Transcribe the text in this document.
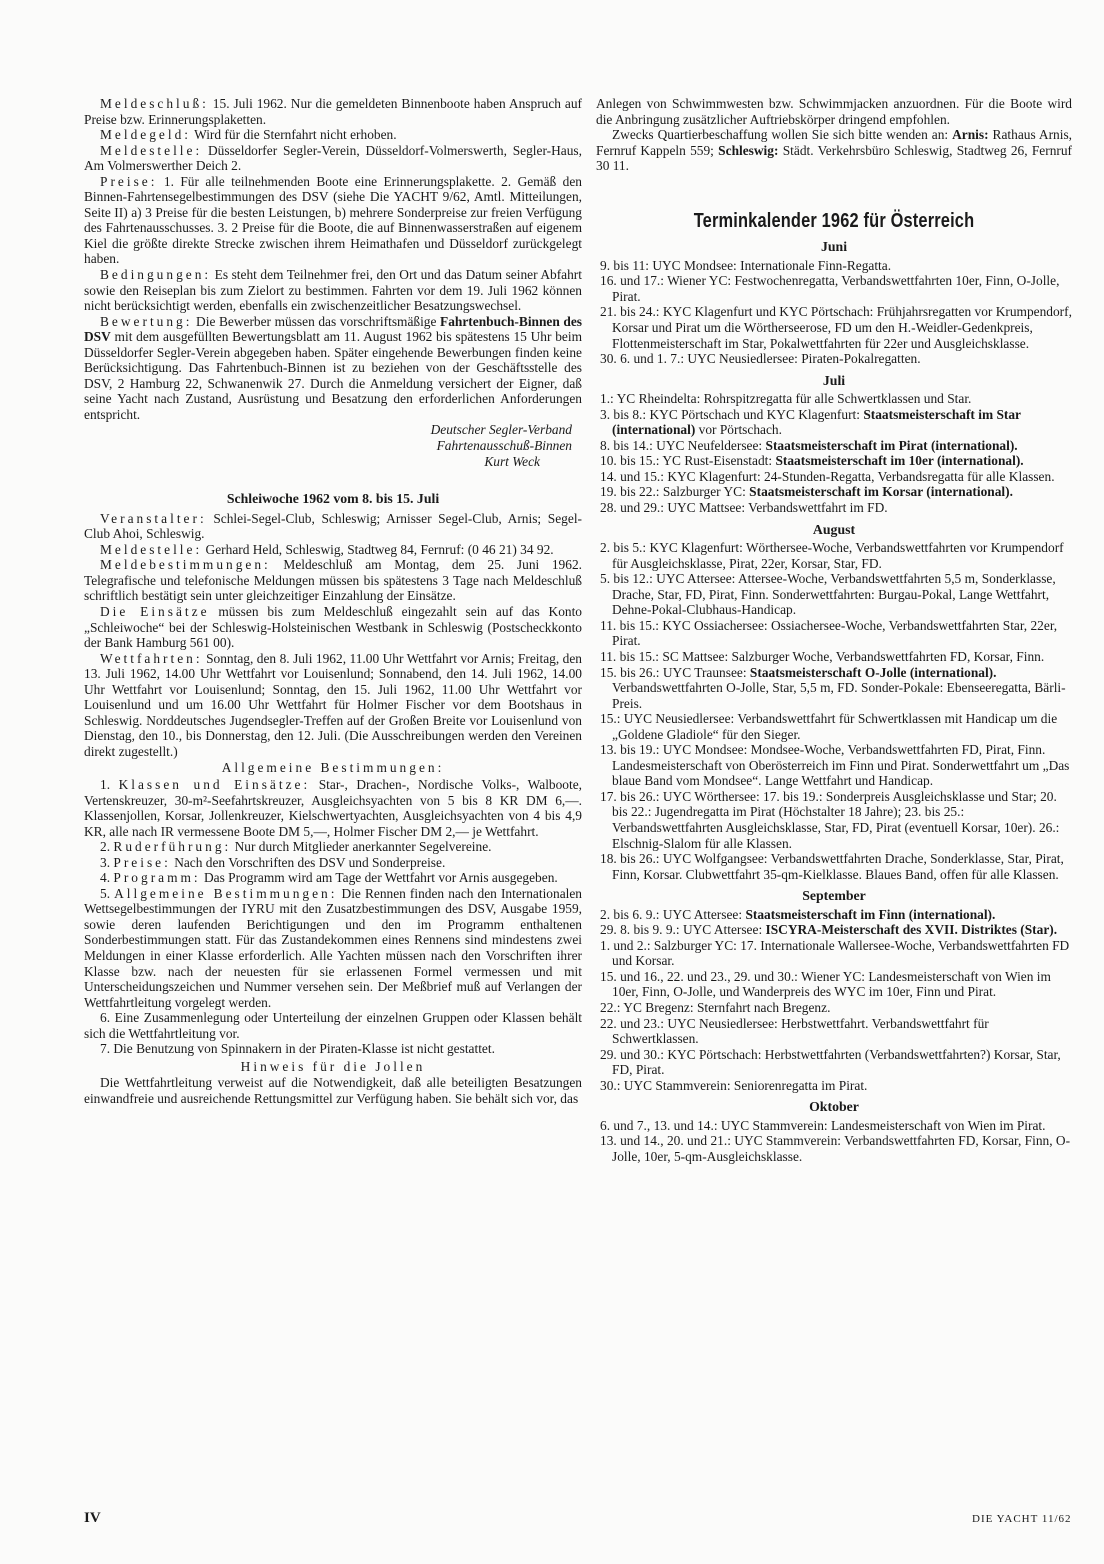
Meldeschluß: 15. Juli 1962. Nur die gemeldeten Binnenboote haben Anspruch auf Preise bzw. Erinnerungsplaketten.

Meldegeld: Wird für die Sternfahrt nicht erhoben.

Meldestelle: Düsseldorfer Segler-Verein, Düsseldorf-Volmerswerth, Segler-Haus, Am Volmerswerther Deich 2.

Preise: 1. Für alle teilnehmenden Boote eine Erinnerungsplakette. 2. Gemäß den Binnen-Fahrtensegelbestimmungen des DSV (siehe Die YACHT 9/62, Amtl. Mitteilungen, Seite II) a) 3 Preise für die besten Leistungen, b) mehrere Sonderpreise zur freien Verfügung des Fahrtenausschusses. 3. 2 Preise für die Boote, die auf Binnenwasserstraßen auf eigenem Kiel die größte direkte Strecke zwischen ihrem Heimathafen und Düsseldorf zurückgelegt haben.

Bedingungen: Es steht dem Teilnehmer frei, den Ort und das Datum seiner Abfahrt sowie den Reiseplan bis zum Zielort zu bestimmen. Fahrten vor dem 19. Juli 1962 können nicht berücksichtigt werden, ebenfalls ein zwischenzeitlicher Besatzungswechsel.

Bewertung: Die Bewerber müssen das vorschriftsmäßige Fahrtenbuch-Binnen des DSV mit dem ausgefüllten Bewertungsblatt am 11. August 1962 bis spätestens 15 Uhr beim Düsseldorfer Segler-Verein abgegeben haben. Später eingehende Bewerbungen finden keine Berücksichtigung. Das Fahrtenbuch-Binnen ist zu beziehen von der Geschäftsstelle des DSV, 2 Hamburg 22, Schwanenwik 27. Durch die Anmeldung versichert der Eigner, daß seine Yacht nach Zustand, Ausrüstung und Besatzung den erforderlichen Anforderungen entspricht.

Deutscher Segler-Verband
Fahrtenausschuß-Binnen
Kurt Weck
Schleiwoche 1962 vom 8. bis 15. Juli

Veranstalter: Schlei-Segel-Club, Schleswig; Arnisser Segel-Club, Arnis; Segel-Club Ahoi, Schleswig.

Meldestelle: Gerhard Held, Schleswig, Stadtweg 84, Fernruf: (0 46 21) 34 92.

Meldebestimmungen: Meldeschluß am Montag, dem 25. Juni 1962. Telegrafische und telefonische Meldungen müssen bis spätestens 3 Tage nach Meldeschluß schriftlich bestätigt sein unter gleichzeitiger Einzahlung der Einsätze.

Die Einsätze müssen bis zum Meldeschluß eingezahlt sein auf das Konto „Schleiwoche“ bei der Schleswig-Holsteinischen Westbank in Schleswig (Postscheckkonto der Bank Hamburg 561 00).

Wettfahrten: Sonntag, den 8. Juli 1962, 11.00 Uhr Wettfahrt vor Arnis; Freitag, den 13. Juli 1962, 14.00 Uhr Wettfahrt vor Louisenlund; Sonnabend, den 14. Juli 1962, 14.00 Uhr Wettfahrt vor Louisenlund; Sonntag, den 15. Juli 1962, 11.00 Uhr Wettfahrt vor Louisenlund und um 16.00 Uhr Wettfahrt für Holmer Fischer vor dem Bootshaus in Schleswig. Norddeutsches Jugendsegler-Treffen auf der Großen Breite vor Louisenlund von Dienstag, den 10., bis Donnerstag, den 12. Juli. (Die Ausschreibungen werden den Vereinen direkt zugestellt.)

Allgemeine Bestimmungen:

1. Klassen und Einsätze: Star-, Drachen-, Nordische Volks-, Walboote, Vertenskreuzer, 30-m²-Seefahrtskreuzer, Ausgleichsyachten von 5 bis 8 KR DM 6,—. Klassenjollen, Korsar, Jollenkreuzer, Kielschwertyachten, Ausgleichsyachten von 4 bis 4,9 KR, alle nach IR vermessene Boote DM 5,—, Holmer Fischer DM 2,— je Wettfahrt.

2. Ruderführung: Nur durch Mitglieder anerkannter Segelvereine.

3. Preise: Nach den Vorschriften des DSV und Sonderpreise.

4. Programm: Das Programm wird am Tage der Wettfahrt vor Arnis ausgegeben.

5. Allgemeine Bestimmungen: Die Rennen finden nach den Internationalen Wettsegelbestimmungen der IYRU mit den Zusatzbestimmungen des DSV, Ausgabe 1959, sowie deren laufenden Berichtigungen und den im Programm enthaltenen Sonderbestimmungen statt. Für das Zustandekommen eines Rennens sind mindestens zwei Meldungen in einer Klasse erforderlich. Alle Yachten müssen nach den Vorschriften ihrer Klasse bzw. nach der neuesten für sie erlassenen Formel vermessen und mit Unterscheidungszeichen und Nummer versehen sein. Der Meßbrief muß auf Verlangen der Wettfahrtleitung vorgelegt werden.

6. Eine Zusammenlegung oder Unterteilung der einzelnen Gruppen oder Klassen behält sich die Wettfahrtleitung vor.

7. Die Benutzung von Spinnakern in der Piraten-Klasse ist nicht gestattet.

Hinweis für die Jollen

Die Wettfahrtleitung verweist auf die Notwendigkeit, daß alle beteiligten Besatzungen einwandfreie und ausreichende Rettungsmittel zur Verfügung haben. Sie behält sich vor, das

Anlegen von Schwimmwesten bzw. Schwimmjacken anzuordnen. Für die Boote wird die Anbringung zusätzlicher Auftriebskörper dringend empfohlen.

Zwecks Quartierbeschaffung wollen Sie sich bitte wenden an: Arnis: Rathaus Arnis, Fernruf Kappeln 559; Schleswig: Städt. Verkehrsbüro Schleswig, Stadtweg 26, Fernruf 30 11.

Terminkalender 1962 für Österreich
Juni

9. bis 11: UYC Mondsee: Internationale Finn-Regatta.

16. und 17.: Wiener YC: Festwochenregatta, Verbandswettfahrten 10er, Finn, O-Jolle, Pirat.

21. bis 24.: KYC Klagenfurt und KYC Pörtschach: Frühjahrsregatten vor Krumpendorf, Korsar und Pirat um die Wörtherseerose, FD um den H.-Weidler-Gedenkpreis, Flottenmeisterschaft im Star, Pokalwettfahrten für 22er und Ausgleichsklasse.

30. 6. und 1. 7.: UYC Neusiedlersee: Piraten-Pokalregatten.

Juli

1.: YC Rheindelta: Rohrspitzregatta für alle Schwertklassen und Star.

3. bis 8.: KYC Pörtschach und KYC Klagenfurt: Staatsmeisterschaft im Star (international) vor Pörtschach.

8. bis 14.: UYC Neufeldersee: Staatsmeisterschaft im Pirat (international).

10. bis 15.: YC Rust-Eisenstadt: Staatsmeisterschaft im 10er (international).

14. und 15.: KYC Klagenfurt: 24-Stunden-Regatta, Verbandsregatta für alle Klassen.

19. bis 22.: Salzburger YC: Staatsmeisterschaft im Korsar (international).

28. und 29.: UYC Mattsee: Verbandswettfahrt im FD.

August

2. bis 5.: KYC Klagenfurt: Wörthersee-Woche, Verbandswettfahrten vor Krumpendorf für Ausgleichsklasse, Pirat, 22er, Korsar, Star, FD.

5. bis 12.: UYC Attersee: Attersee-Woche, Verbandswettfahrten 5,5 m, Sonderklasse, Drache, Star, FD, Pirat, Finn. Sonderwettfahrten: Burgau-Pokal, Lange Wettfahrt, Dehne-Pokal-Clubhaus-Handicap.

11. bis 15.: KYC Ossiachersee: Ossiachersee-Woche, Verbandswettfahrten Star, 22er, Pirat.

11. bis 15.: SC Mattsee: Salzburger Woche, Verbandswettfahrten FD, Korsar, Finn.

15. bis 26.: UYC Traunsee: Staatsmeisterschaft O-Jolle (international). Verbandswettfahrten O-Jolle, Star, 5,5 m, FD. Sonder-Pokale: Ebenseeregatta, Bärli-Preis.

15.: UYC Neusiedlersee: Verbandswettfahrt für Schwertklassen mit Handicap um die „Goldene Gladiole“ für den Sieger.

13. bis 19.: UYC Mondsee: Mondsee-Woche, Verbandswettfahrten FD, Pirat, Finn. Landesmeisterschaft von Oberösterreich im Finn und Pirat. Sonderwettfahrt um „Das blaue Band vom Mondsee“. Lange Wettfahrt und Handicap.

17. bis 26.: UYC Wörthersee: 17. bis 19.: Sonderpreis Ausgleichsklasse und Star; 20. bis 22.: Jugendregatta im Pirat (Höchstalter 18 Jahre); 23. bis 25.: Verbandswettfahrten Ausgleichsklasse, Star, FD, Pirat (eventuell Korsar, 10er). 26.: Elschnig-Slalom für alle Klassen.

18. bis 26.: UYC Wolfgangsee: Verbandswettfahrten Drache, Sonderklasse, Star, Pirat, Finn, Korsar. Clubwettfahrt 35-qm-Kielklasse. Blaues Band, offen für alle Klassen.

September

2. bis 6. 9.: UYC Attersee: Staatsmeisterschaft im Finn (international).

29. 8. bis 9. 9.: UYC Attersee: ISCYRA-Meisterschaft des XVII. Distriktes (Star).

1. und 2.: Salzburger YC: 17. Internationale Wallersee-Woche, Verbandswettfahrten FD und Korsar.

15. und 16., 22. und 23., 29. und 30.: Wiener YC: Landesmeisterschaft von Wien im 10er, Finn, O-Jolle, und Wanderpreis des WYC im 10er, Finn und Pirat.

22.: YC Bregenz: Sternfahrt nach Bregenz.

22. und 23.: UYC Neusiedlersee: Herbstwettfahrt. Verbandswettfahrt für Schwertklassen.

29. und 30.: KYC Pörtschach: Herbstwettfahrten (Verbandswettfahrten?) Korsar, Star, FD, Pirat.

30.: UYC Stammverein: Seniorenregatta im Pirat.

Oktober

6. und 7., 13. und 14.: UYC Stammverein: Landesmeisterschaft von Wien im Pirat.

13. und 14., 20. und 21.: UYC Stammverein: Verbandswettfahrten FD, Korsar, Finn, O-Jolle, 10er, 5-qm-Ausgleichsklasse.

IV	DIE YACHT 11/62
